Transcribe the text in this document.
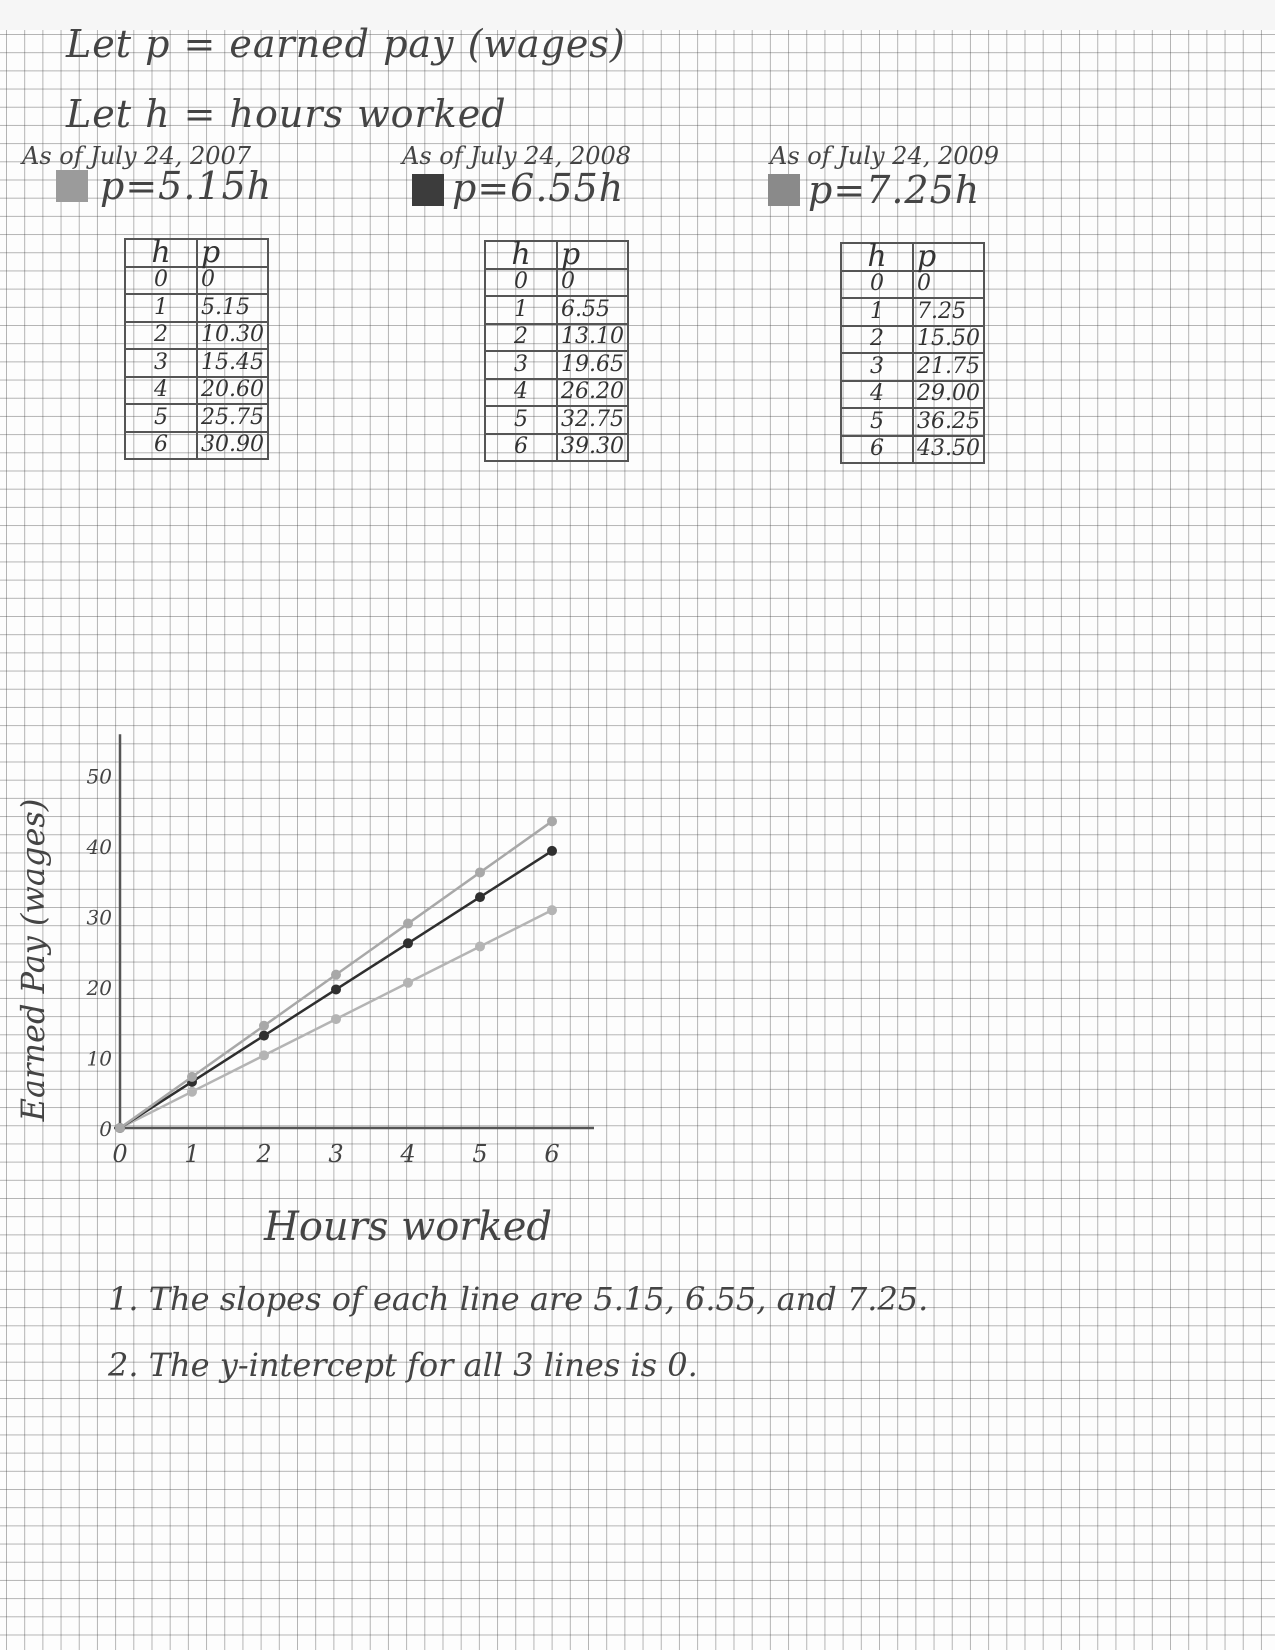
Let p = earned pay (wages)
Let h = hours worked
As of July 24, 2007
p=5.15h
h	p
0	0
1	5.15
2	10.30
3	15.45
4	20.60
5	25.75
6	30.90
As of July 24, 2008
p=6.55h
h	p
0	0
1	6.55
2	13.10
3	19.65
4	26.20
5	32.75
6	39.30
As of July 24, 2009
p=7.25h
h	p
0	0
1	7.25
2	15.50
3	21.75
4	29.00
5	36.25
6	43.50
0 1 2 3 4 5 6
0
10
20
30
40
50
Hours worked
Earned Pay (wages)
1. The slopes of each line are 5.15, 6.55, and 7.25.
2. The y-intercept for all 3 lines is 0.
